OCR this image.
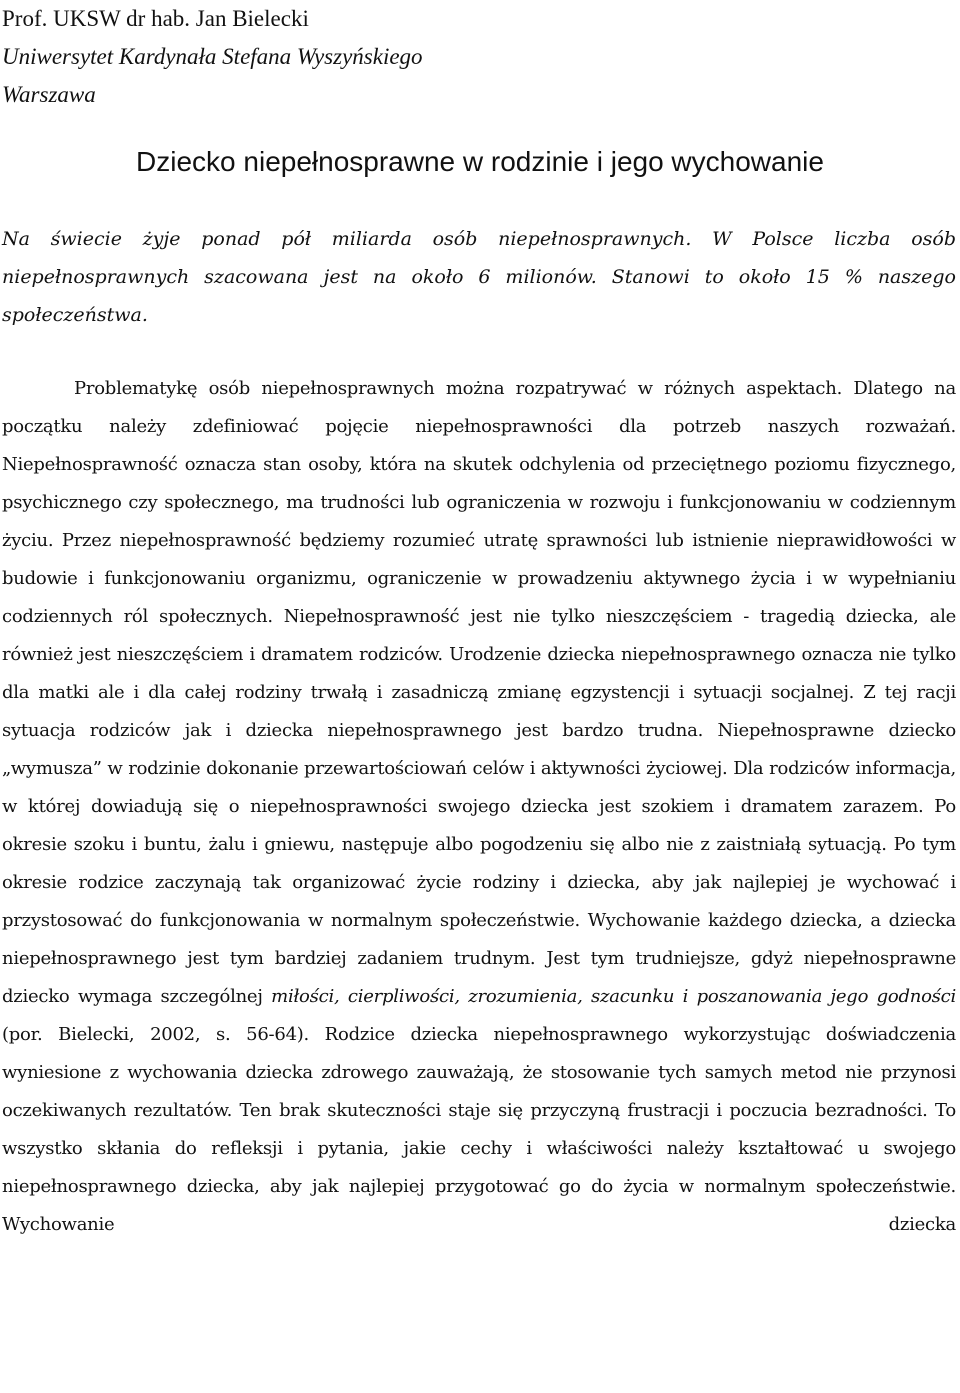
Prof. UKSW dr hab. Jan Bielecki
Uniwersytet Kardynała Stefana Wyszyńskiego
Warszawa
Dziecko niepełnosprawne w rodzinie i jego wychowanie

Na świecie żyje ponad pół miliarda osób niepełnosprawnych. W Polsce liczba osób niepełnosprawnych szacowana jest na około 6 milionów. Stanowi to około 15 % naszego społeczeństwa.

Problematykę osób niepełnosprawnych można rozpatrywać w różnych aspektach. Dlatego na początku należy zdefiniować pojęcie niepełnosprawności dla potrzeb naszych rozważań. Niepełnosprawność oznacza stan osoby, która na skutek odchylenia od przeciętnego poziomu fizycznego, psychicznego czy społecznego, ma trudności lub ograniczenia w rozwoju i funkcjonowaniu w codziennym życiu. Przez niepełnosprawność będziemy rozumieć utratę sprawności lub istnienie nieprawidłowości w budowie i funkcjonowaniu organizmu, ograniczenie w prowadzeniu aktywnego życia i w wypełnianiu codziennych ról społecznych. Niepełnosprawność jest nie tylko nieszczęściem - tragedią dziecka, ale również jest nieszczęściem i dramatem rodziców. Urodzenie dziecka niepełnosprawnego oznacza nie tylko dla matki ale i dla całej rodziny trwałą i zasadniczą zmianę egzystencji i sytuacji socjalnej. Z tej racji sytuacja rodziców jak i dziecka niepełnosprawnego jest bardzo trudna. Niepełnosprawne dziecko „wymusza” w rodzinie dokonanie przewartościowań celów i aktywności życiowej. Dla rodziców informacja, w której dowiadują się o niepełnosprawności swojego dziecka jest szokiem i dramatem zarazem. Po okresie szoku i buntu, żalu i gniewu, następuje albo pogodzeniu się albo nie z zaistniałą sytuacją. Po tym okresie rodzice zaczynają tak organizować życie rodziny i dziecka, aby jak najlepiej je wychować i przystosować do funkcjonowania w normalnym społeczeństwie. Wychowanie każdego dziecka, a dziecka niepełnosprawnego jest tym bardziej zadaniem trudnym. Jest tym trudniejsze, gdyż niepełnosprawne dziecko wymaga szczególnej miłości, cierpliwości, zrozumienia, szacunku i poszanowania jego godności (por. Bielecki, 2002, s. 56-64). Rodzice dziecka niepełnosprawnego wykorzystując doświadczenia wyniesione z wychowania dziecka zdrowego zauważają, że stosowanie tych samych metod nie przynosi oczekiwanych rezultatów. Ten brak skuteczności staje się przyczyną frustracji i poczucia bezradności. To wszystko skłania do refleksji i pytania, jakie cechy i właściwości należy kształtować u swojego niepełnosprawnego dziecka, aby jak najlepiej przygotować go do życia w normalnym społeczeństwie. Wychowanie dziecka
